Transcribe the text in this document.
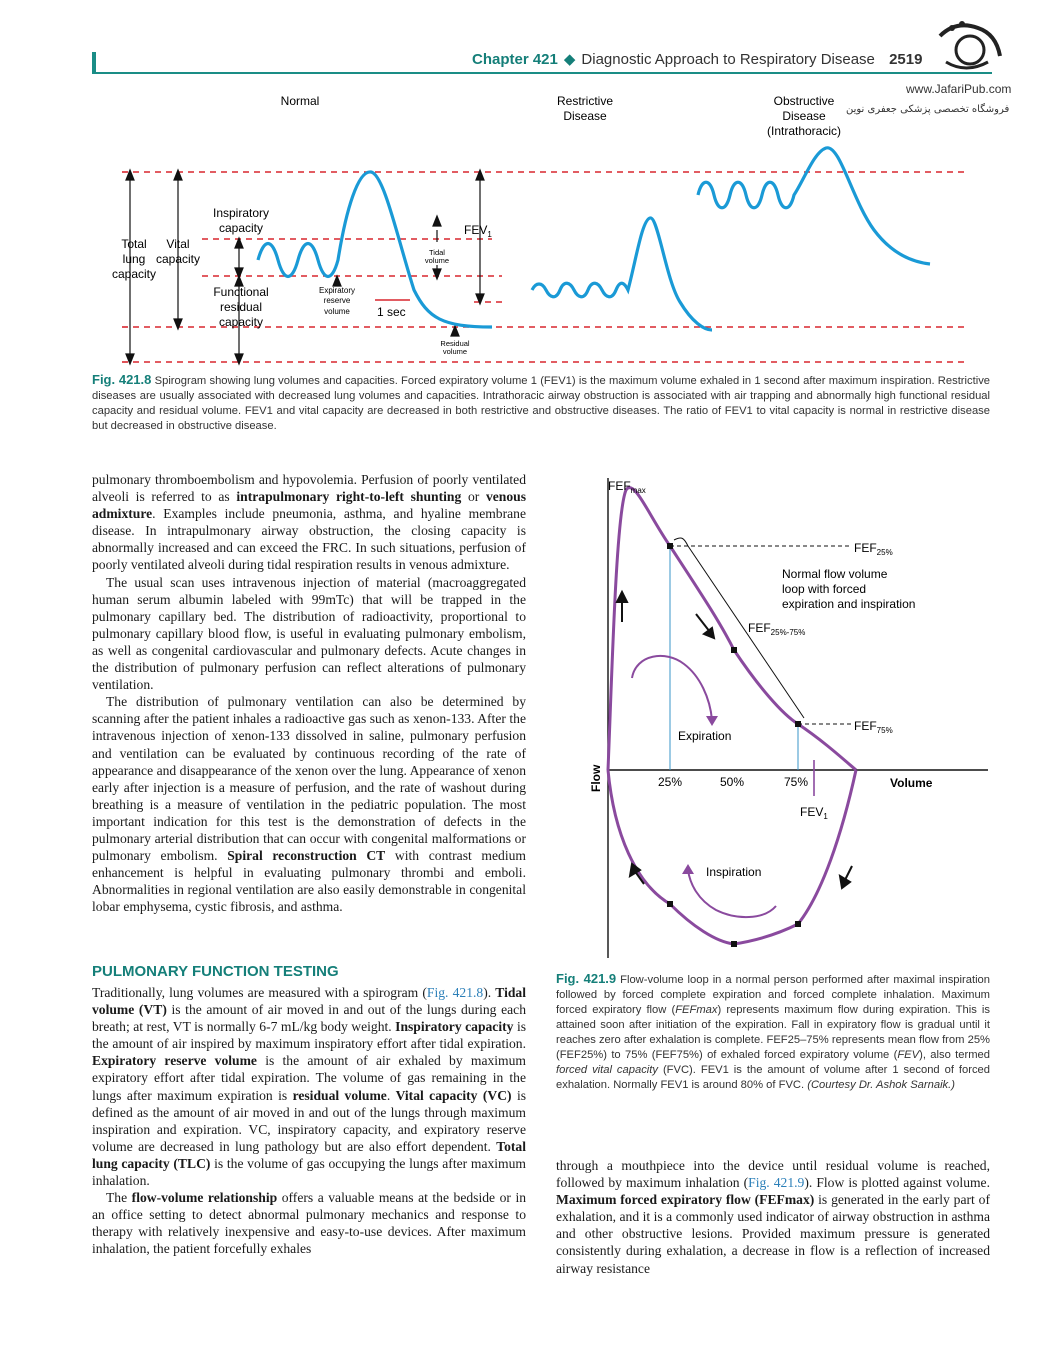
Chapter 421 ◆ Diagnostic Approach to Respiratory Disease 2519
www.JafariPub.com
فروشگاه تخصصی پزشکی جعفری نوین
Normal	Restrictive
Disease
Obstructive
Disease
(Intrathoracic)
Total
lung
capacity
Vital
capacity
Inspiratory
capacity
Functional
residual
capacity
Tidal
volume
Expiratory
reserve
volume 1 sec
$FEV_1$
Residual
volume
Fig. 421.8 Spirogram showing lung volumes and capacities. Forced expiratory volume 1 (FEV1) is the maximum volume exhaled in 1 second after maximum inspiration. Restrictive diseases are usually associated with decreased lung volumes and capacities. Intrathoracic airway obstruction is associated with air trapping and abnormally high functional residual capacity and residual volume. FEV1 and vital capacity are decreased in both restrictive and obstructive diseases. The ratio of FEV1 to vital capacity is normal in restrictive disease but decreased in obstructive disease.

pulmonary thromboembolism and hypovolemia. Perfusion of poorly ventilated alveoli is referred to as intrapulmonary right-to-left shunting or venous admixture. Examples include pneumonia, asthma, and hyaline membrane disease. In intrapulmonary airway obstruction, the closing capacity is abnormally increased and can exceed the FRC. In such situations, perfusion of poorly ventilated alveoli during tidal respiration results in venous admixture.

The usual scan uses intravenous injection of material (macroaggregated human serum albumin labeled with 99mTc) that will be trapped in the pulmonary capillary bed. The distribution of radioactivity, proportional to pulmonary capillary blood flow, is useful in evaluating pulmonary embolism, as well as congenital cardiovascular and pulmonary defects. Acute changes in the distribution of pulmonary perfusion can reflect alterations of pulmonary ventilation.

The distribution of pulmonary ventilation can also be determined by scanning after the patient inhales a radioactive gas such as xenon-133. After the intravenous injection of xenon-133 dissolved in saline, pulmonary perfusion and ventilation can be evaluated by continuous recording of the rate of appearance and disappearance of the xenon over the lung. Appearance of xenon early after injection is a measure of perfusion, and the rate of washout during breathing is a measure of ventilation in the pediatric population. The most important indication for this test is the demonstration of defects in the pulmonary arterial distribution that can occur with congenital malformations or pulmonary embolism. Spiral reconstruction CT with contrast medium enhancement is helpful in evaluating pulmonary thrombi and emboli. Abnormalities in regional ventilation are also easily demonstrable in congenital lobar emphysema, cystic fibrosis, and asthma.

PULMONARY FUNCTION TESTING

Traditionally, lung volumes are measured with a spirogram (Fig. 421.8). Tidal volume (VT) is the amount of air moved in and out of the lungs during each breath; at rest, VT is normally 6-7 mL/kg body weight. Inspiratory capacity is the amount of air inspired by maximum inspiratory effort after tidal expiration. Expiratory reserve volume is the amount of air exhaled by maximum expiratory effort after tidal expiration. The volume of gas remaining in the lungs after maximum expiration is residual volume. Vital capacity (VC) is defined as the amount of air moved in and out of the lungs through maximum inspiration and expiration. VC, inspiratory capacity, and expiratory reserve volume are decreased in lung pathology but are also effort dependent. Total lung capacity (TLC) is the volume of gas occupying the lungs after maximum inhalation.

The flow-volume relationship offers a valuable means at the bedside or in an office setting to detect abnormal pulmonary mechanics and response to therapy with relatively inexpensive and easy-to-use devices. After maximum inhalation, the patient forcefully exhales

$FEF_{max}$
$FEF_{25\%}$
Normal flow volume
loop with forced
expiration and inspiration
$FEF_{25\%-75\%}$
$FEF_{75\%}$
Expiration
Flow	25%	50%	75%	Volume
$FEV_1$
Inspiration
Fig. 421.9 Flow-volume loop in a normal person performed after maximal inspiration followed by forced complete expiration and forced complete inhalation. Maximum forced expiratory flow (FEFmax) represents maximum flow during expiration. This is attained soon after initiation of the expiration. Fall in expiratory flow is gradual until it reaches zero after exhalation is complete. FEF25–75% represents mean flow from 25% (FEF25%) to 75% (FEF75%) of exhaled forced expiratory volume (FEV), also termed forced vital capacity (FVC). FEV1 is the amount of volume after 1 second of forced exhalation. Normally FEV1 is around 80% of FVC. (Courtesy Dr. Ashok Sarnaik.)

through a mouthpiece into the device until residual volume is reached, followed by maximum inhalation (Fig. 421.9). Flow is plotted against volume. Maximum forced expiratory flow (FEFmax) is generated in the early part of exhalation, and it is a commonly used indicator of airway obstruction in asthma and other obstructive lesions. Provided maximum pressure is generated consistently during exhalation, a decrease in flow is a reflection of increased airway resistance
